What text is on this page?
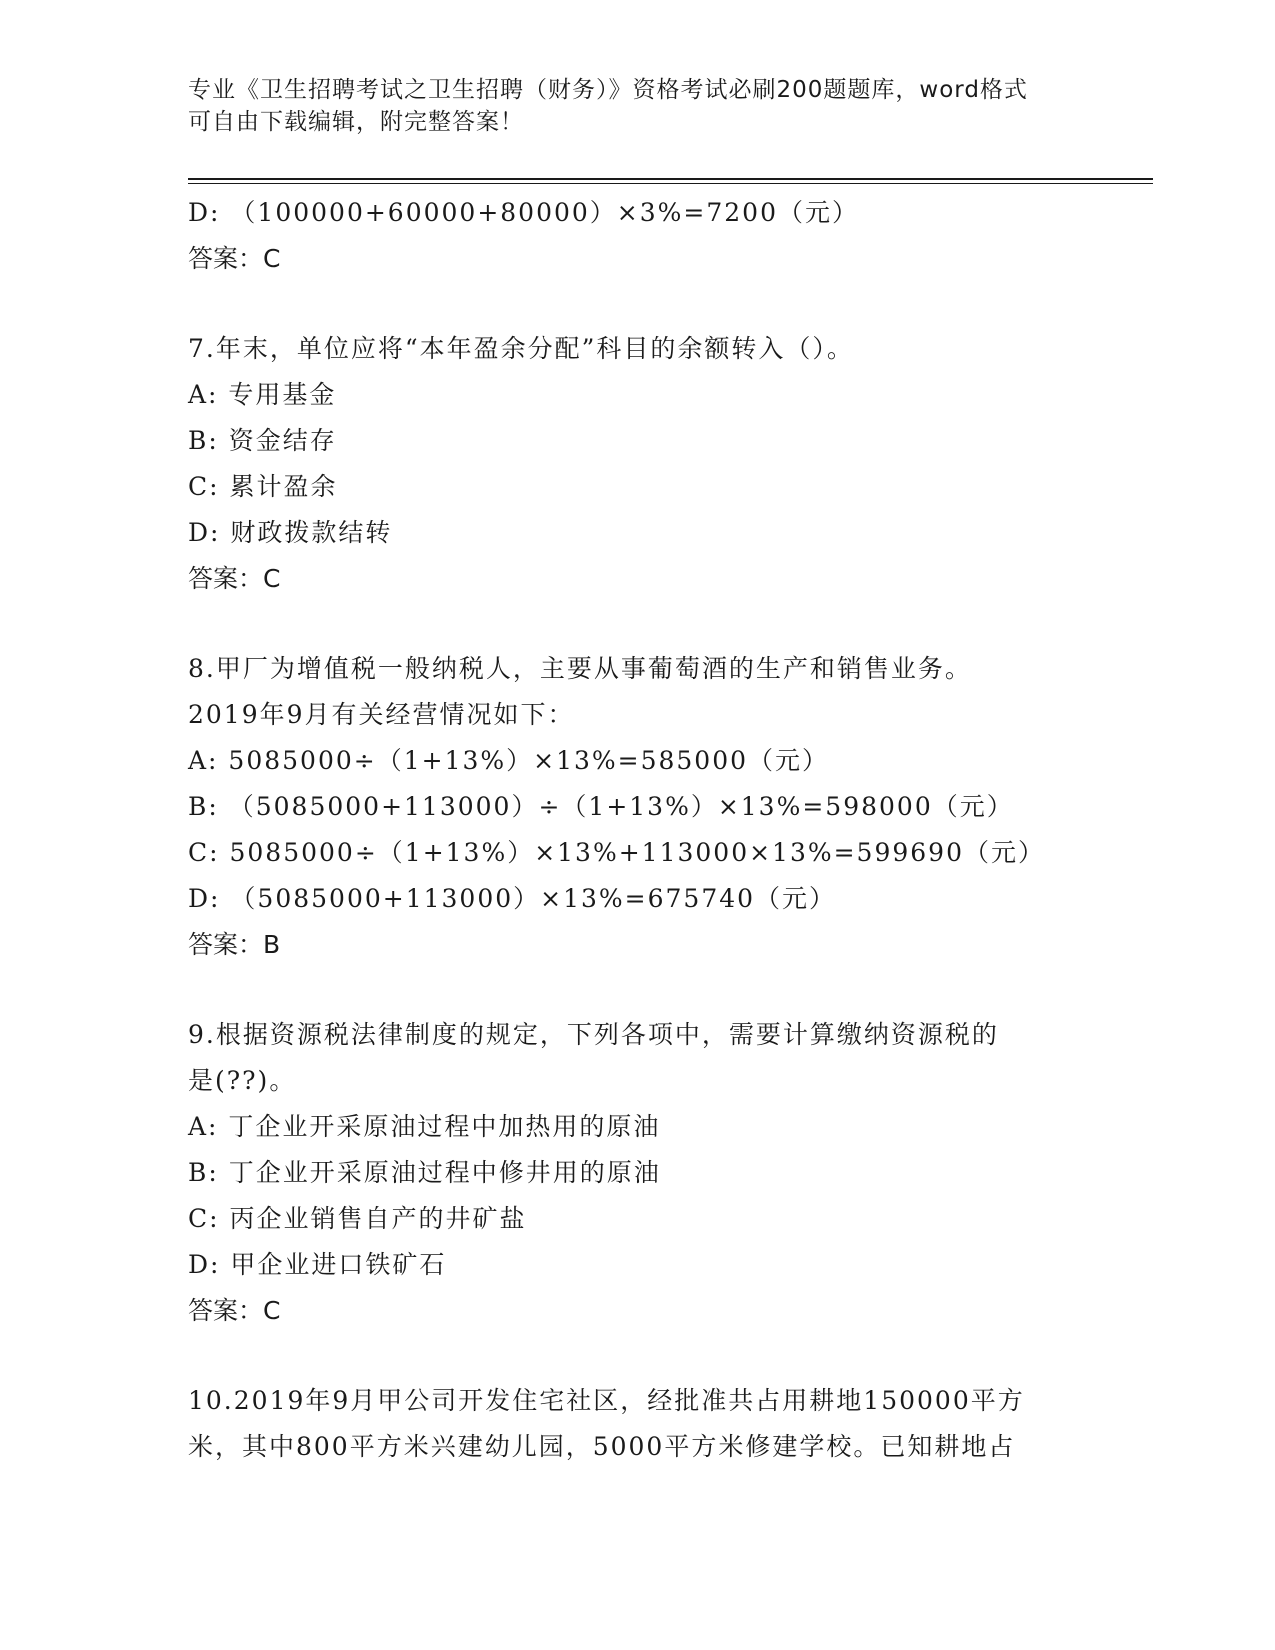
专业《卫生招聘考试之卫生招聘（财务）》资格考试必刷200题题库，word格式
可自由下载编辑，附完整答案！
D: （100000+60000+80000）×3%=7200（元）
答案：C
7.年末，单位应将“本年盈余分配”科目的余额转入（）。
A: 专用基金
B: 资金结存
C: 累计盈余
D: 财政拨款结转
答案：C
8.甲厂为增值税一般纳税人，主要从事葡萄酒的生产和销售业务。
2019年9月有关经营情况如下：
A: 5085000÷（1+13%）×13%=585000（元）
B: （5085000+113000）÷（1+13%）×13%=598000（元）
C: 5085000÷（1+13%）×13%+113000×13%=599690（元）
D: （5085000+113000）×13%=675740（元）
答案：B
9.根据资源税法律制度的规定，下列各项中，需要计算缴纳资源税的
是(??)。
A: 丁企业开采原油过程中加热用的原油
B: 丁企业开采原油过程中修井用的原油
C: 丙企业销售自产的井矿盐
D: 甲企业进口铁矿石
答案：C
10.2019年9月甲公司开发住宅社区，经批准共占用耕地150000平方
米，其中800平方米兴建幼儿园，5000平方米修建学校。已知耕地占
